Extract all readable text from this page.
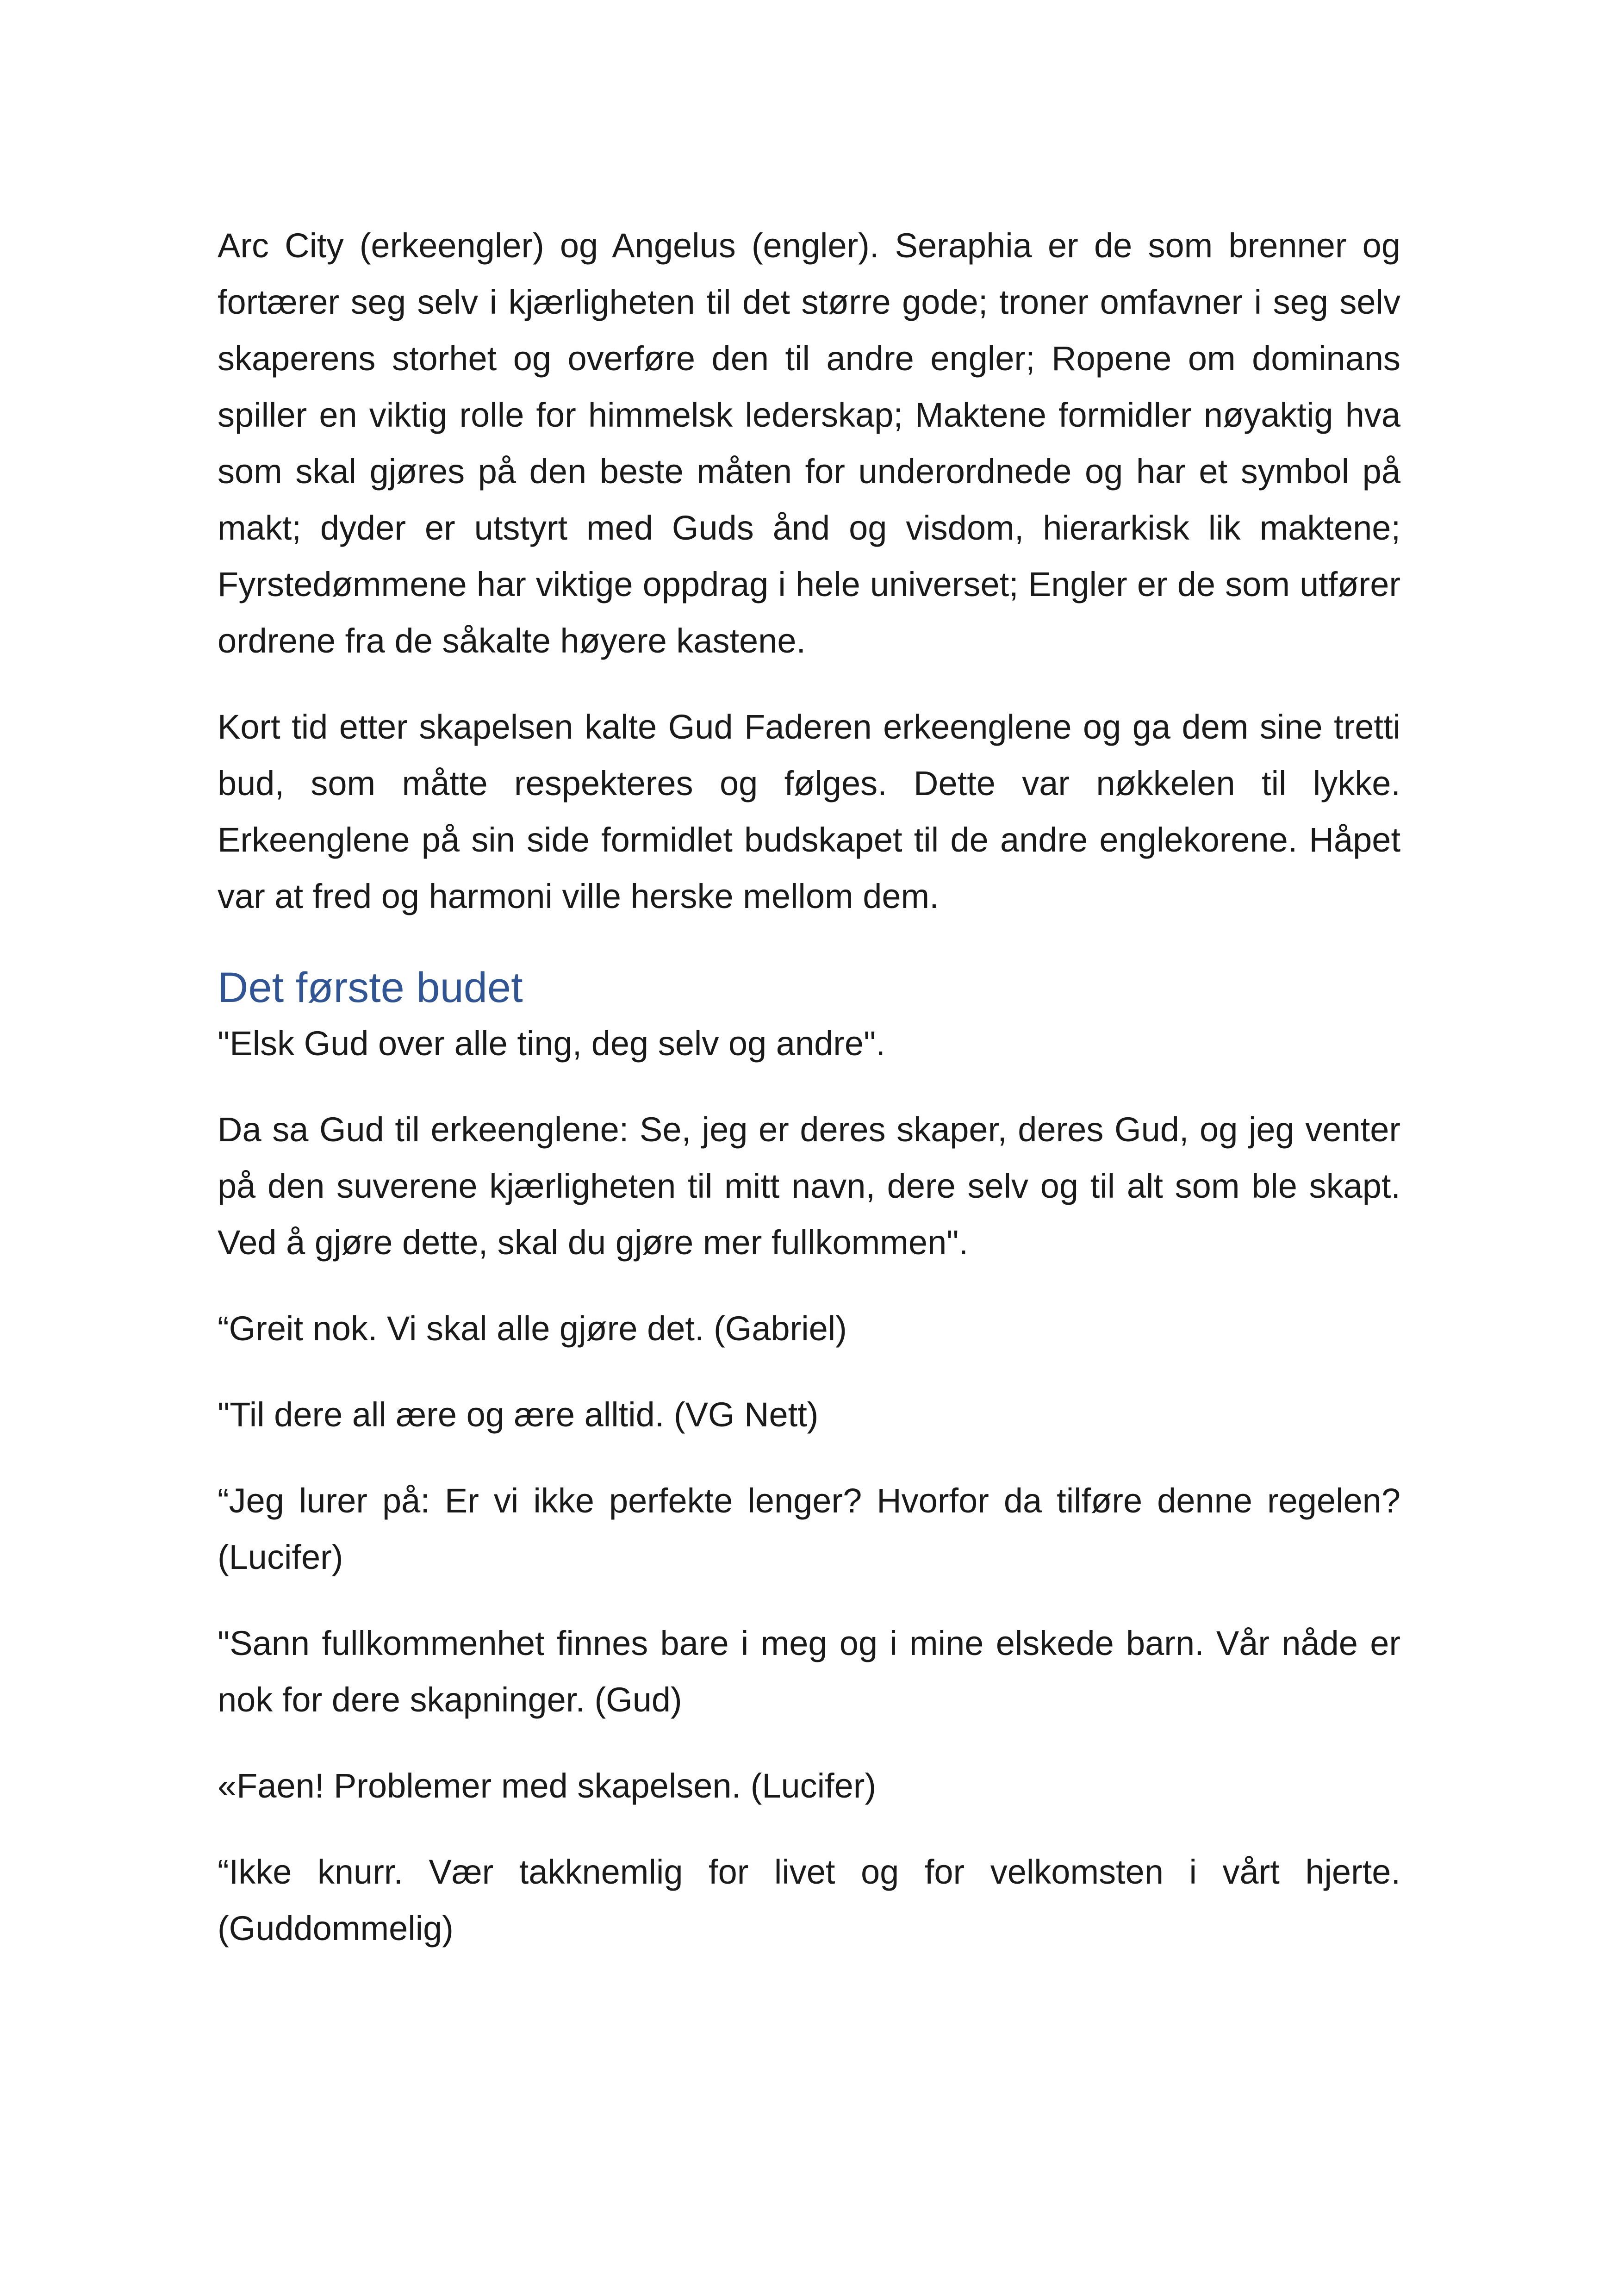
Arc City (erkeengler) og Angelus (engler). Seraphia er de som brenner og fortærer seg selv i kjærligheten til det større gode; troner omfavner i seg selv skaperens storhet og overføre den til andre engler; Ropene om dominans spiller en viktig rolle for himmelsk lederskap; Maktene formidler nøyaktig hva som skal gjøres på den beste måten for underordnede og har et symbol på makt; dyder er utstyrt med Guds ånd og visdom, hierarkisk lik maktene; Fyrstedømmene har viktige oppdrag i hele universet; Engler er de som utfører ordrene fra de såkalte høyere kastene.

Kort tid etter skapelsen kalte Gud Faderen erkeenglene og ga dem sine tretti bud, som måtte respekteres og følges. Dette var nøkkelen til lykke. Erkeenglene på sin side formidlet budskapet til de andre englekorene. Håpet var at fred og harmoni ville herske mellom dem.

Det første budet

"Elsk Gud over alle ting, deg selv og andre".

Da sa Gud til erkeenglene: Se, jeg er deres skaper, deres Gud, og jeg venter på den suverene kjærligheten til mitt navn, dere selv og til alt som ble skapt. Ved å gjøre dette, skal du gjøre mer fullkommen".

“Greit nok. Vi skal alle gjøre det. (Gabriel)

"Til dere all ære og ære alltid. (VG Nett)

“Jeg lurer på: Er vi ikke perfekte lenger? Hvorfor da tilføre denne regelen? (Lucifer)

"Sann fullkommenhet finnes bare i meg og i mine elskede barn. Vår nåde er nok for dere skapninger. (Gud)

«Faen! Problemer med skapelsen. (Lucifer)

“Ikke knurr. Vær takknemlig for livet og for velkomsten i vårt hjerte. (Guddommelig)
